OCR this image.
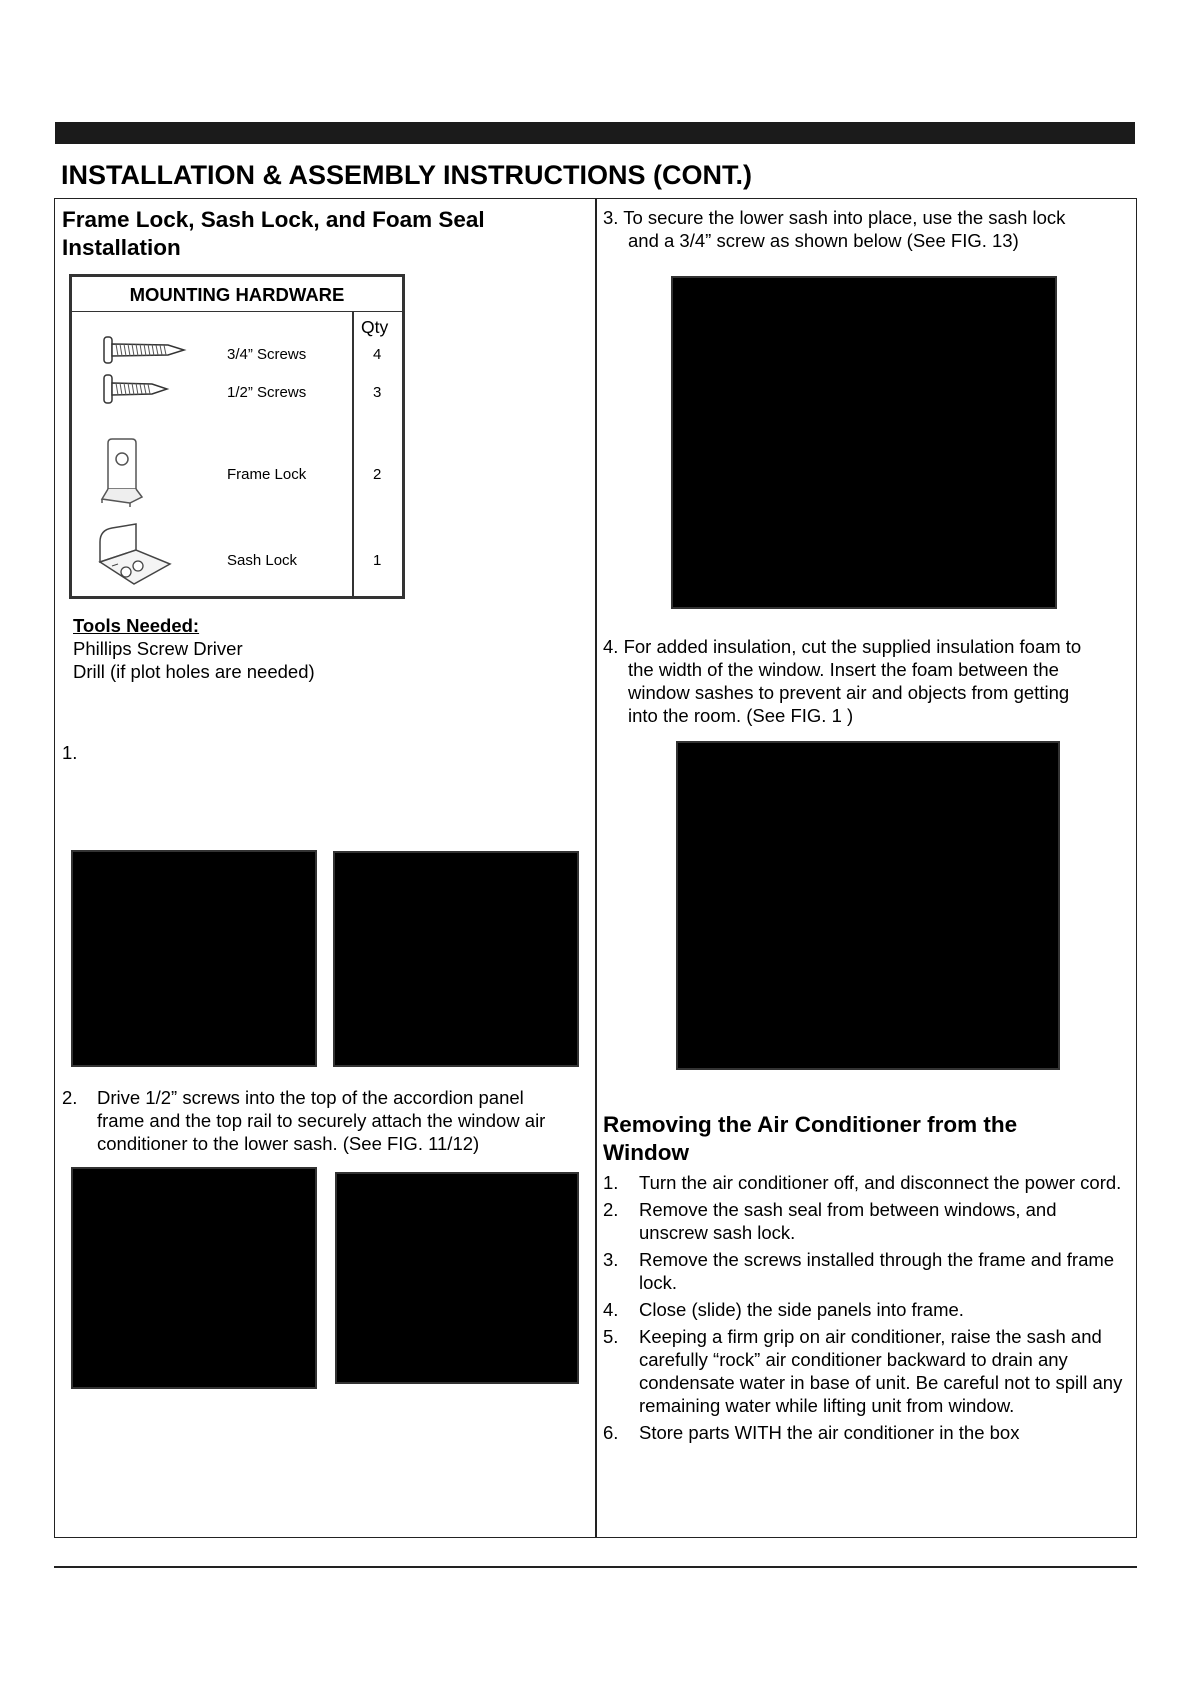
INSTALLATION & ASSEMBLY INSTRUCTIONS (CONT.)
Frame Lock, Sash Lock, and Foam Seal
Installation
MOUNTING HARDWARE
Qty
3/4” Screws	4
1/2” Screws	3
Frame Lock	2
Sash Lock	1
Tools Needed:
Phillips Screw Driver
Drill (if plot holes are needed)
1.
2. Drive 1/2” screws into the top of the accordion panel
frame and the top rail to securely attach the window air
conditioner to the lower sash. (See FIG. 11/12)
3. To secure the lower sash into place, use the sash lock
and a 3/4” screw as shown below (See FIG. 13)
4. For added insulation, cut the supplied insulation foam to
the width of the window. Insert the foam between the
window sashes to prevent air and objects from getting
into the room. (See FIG. 1 )
Removing the Air Conditioner from the
Window
1. Turn the air conditioner off, and disconnect the power cord.
2. Remove the sash seal from between windows, and unscrew sash lock.
3. Remove the screws installed through the frame and frame lock.
4. Close (slide) the side panels into frame.
5. Keeping a firm grip on air conditioner, raise the sash and carefully “rock” air conditioner backward to drain any condensate water in base of unit. Be careful not to spill any remaining water while lifting unit from window.
6. Store parts WITH the air conditioner in the box
